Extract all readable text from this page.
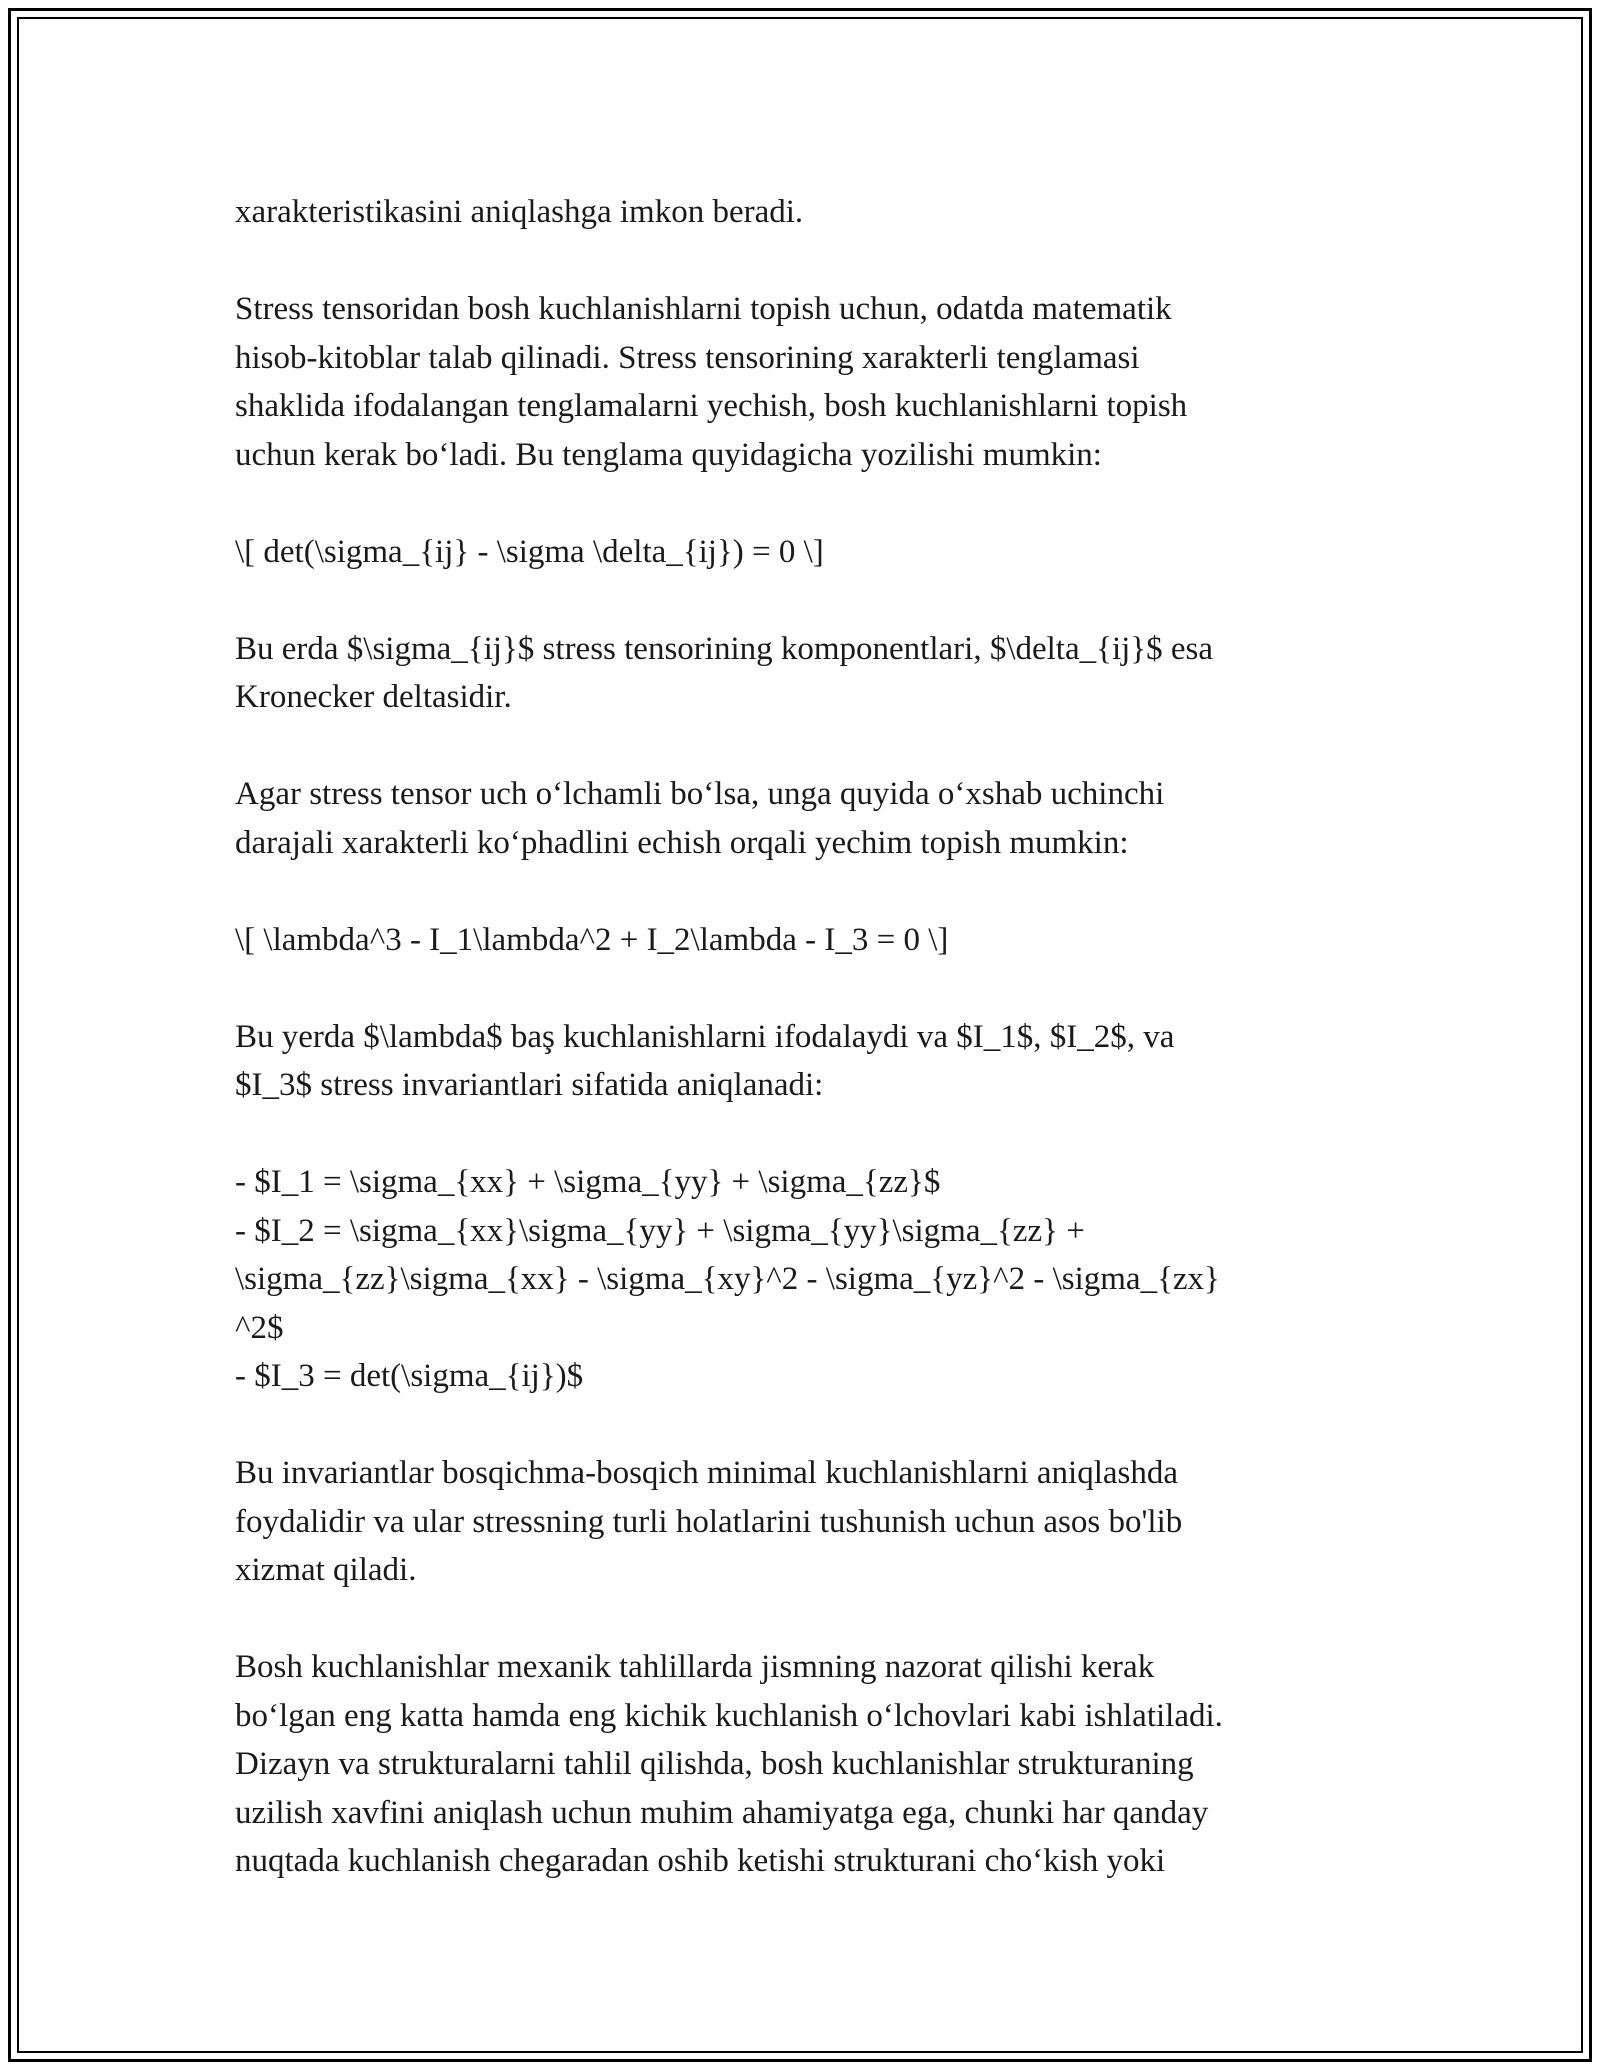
xarakteristikasini aniqlashga imkon beradi.
Stress tensoridan bosh kuchlanishlarni topish uchun, odatda matematik
hisob-kitoblar talab qilinadi. Stress tensorining xarakterli tenglamasi
shaklida ifodalangan tenglamalarni yechish, bosh kuchlanishlarni topish
uchun kerak bo‘ladi. Bu tenglama quyidagicha yozilishi mumkin:
\[ det(\sigma_{ij} - \sigma \delta_{ij}) = 0 \]
Bu erda $\sigma_{ij}$ stress tensorining komponentlari, $\delta_{ij}$ esa
Kronecker deltasidir.
Agar stress tensor uch o‘lchamli bo‘lsa, unga quyida o‘xshab uchinchi
darajali xarakterli ko‘phadlini echish orqali yechim topish mumkin:
\[ \lambda^3 - I_1\lambda^2 + I_2\lambda - I_3 = 0 \]
Bu yerda $\lambda$ baş kuchlanishlarni ifodalaydi va $I_1$, $I_2$, va
$I_3$ stress invariantlari sifatida aniqlanadi:
- $I_1 = \sigma_{xx} + \sigma_{yy} + \sigma_{zz}$
- $I_2 = \sigma_{xx}\sigma_{yy} + \sigma_{yy}\sigma_{zz} +
\sigma_{zz}\sigma_{xx} - \sigma_{xy}^2 - \sigma_{yz}^2 - \sigma_{zx}
^2$
- $I_3 = det(\sigma_{ij})$
Bu invariantlar bosqichma-bosqich minimal kuchlanishlarni aniqlashda
foydalidir va ular stressning turli holatlarini tushunish uchun asos bo'lib
xizmat qiladi.
Bosh kuchlanishlar mexanik tahlillarda jismning nazorat qilishi kerak
bo‘lgan eng katta hamda eng kichik kuchlanish o‘lchovlari kabi ishlatiladi.
Dizayn va strukturalarni tahlil qilishda, bosh kuchlanishlar strukturaning
uzilish xavfini aniqlash uchun muhim ahamiyatga ega, chunki har qanday
nuqtada kuchlanish chegaradan oshib ketishi strukturani cho‘kish yoki
